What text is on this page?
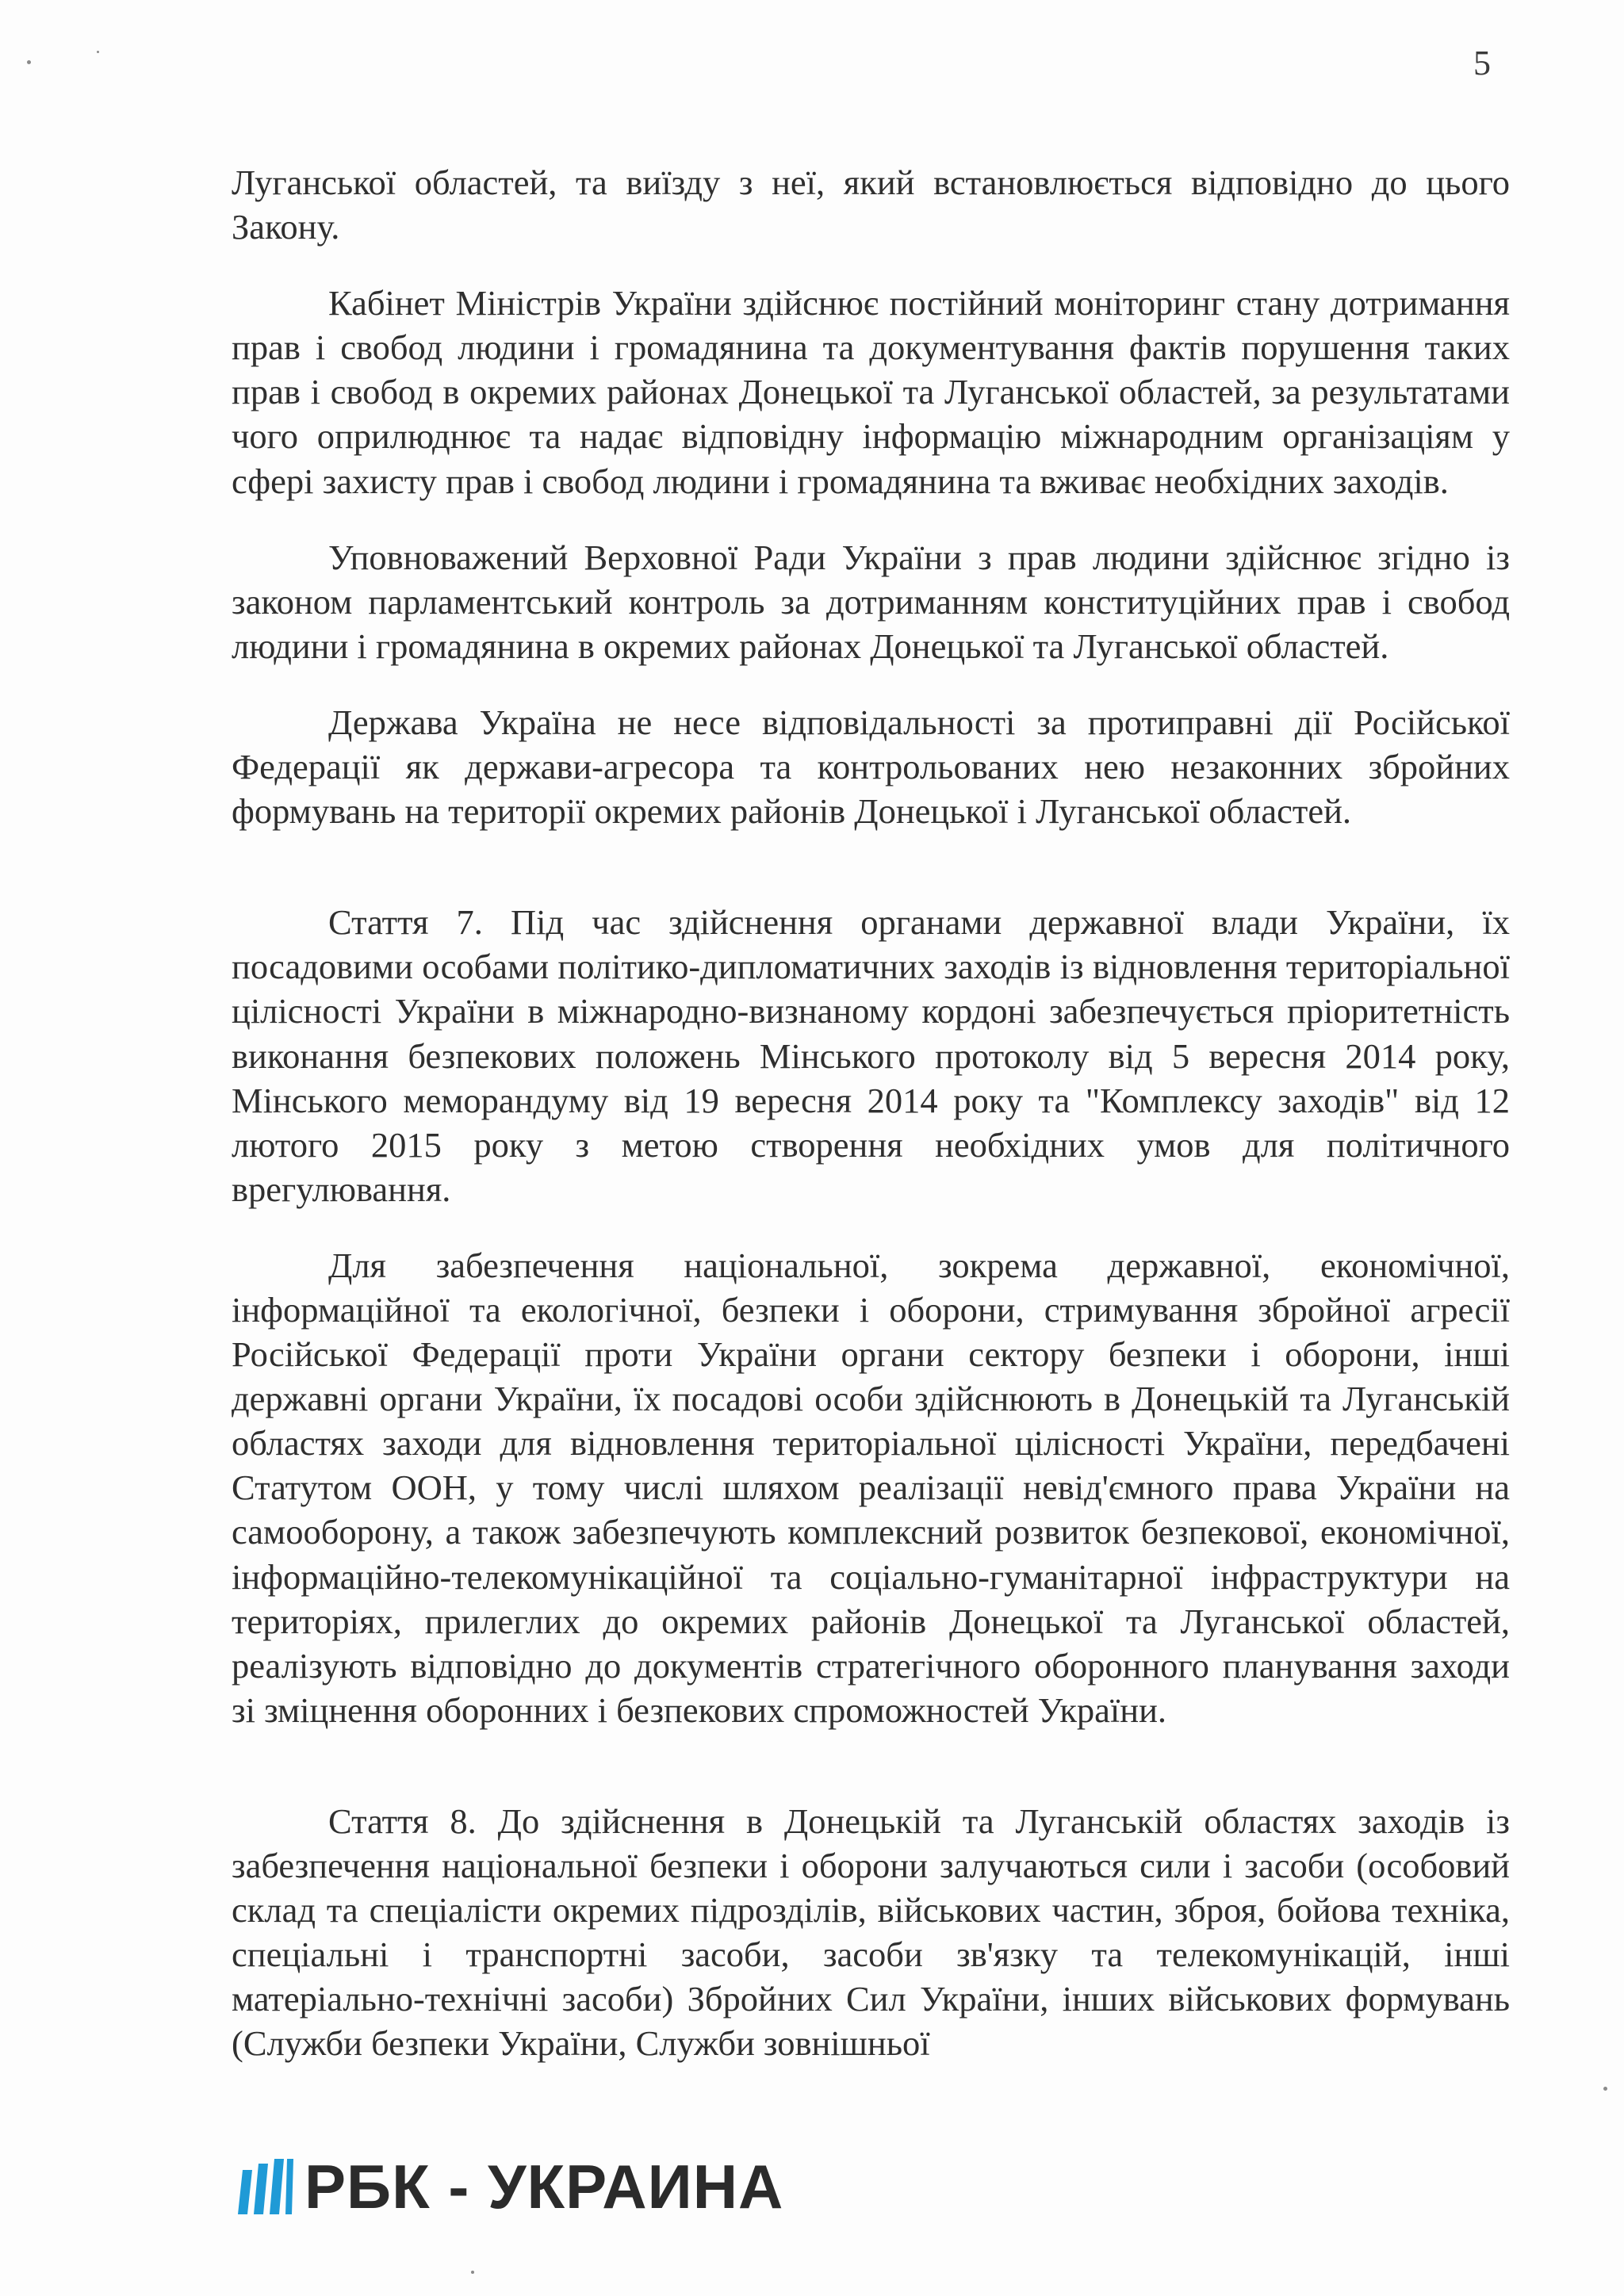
5

Луганської областей, та виїзду з неї, який встановлюється відповідно до цього Закону.

Кабінет Міністрів України здійснює постійний моніторинг стану дотримання прав і свобод людини і громадянина та документування фактів порушення таких прав і свобод в окремих районах Донецької та Луганської областей, за результатами чого оприлюднює та надає відповідну інформацію міжнародним організаціям у сфері захисту прав і свобод людини і громадянина та вживає необхідних заходів.

Уповноважений Верховної Ради України з прав людини здійснює згідно із законом парламентський контроль за дотриманням конституційних прав і свобод людини і громадянина в окремих районах Донецької та Луганської областей.

Держава Україна не несе відповідальності за протиправні дії Російської Федерації як держави-агресора та контрольованих нею незаконних збройних формувань на території окремих районів Донецької і Луганської областей.

Стаття 7. Під час здійснення органами державної влади України, їх посадовими особами політико-дипломатичних заходів із відновлення територіальної цілісності України в міжнародно-визнаному кордоні забезпечується пріоритетність виконання безпекових положень Мінського протоколу від 5 вересня 2014 року, Мінського меморандуму від 19 вересня 2014 року та "Комплексу заходів" від 12 лютого 2015 року з метою створення необхідних умов для політичного врегулювання.

Для забезпечення національної, зокрема державної, економічної, інформаційної та екологічної, безпеки і оборони, стримування збройної агресії Російської Федерації проти України органи сектору безпеки і оборони, інші державні органи України, їх посадові особи здійснюють в Донецькій та Луганській областях заходи для відновлення територіальної цілісності України, передбачені Статутом ООН, у тому числі шляхом реалізації невід'ємного права України на самооборону, а також забезпечують комплексний розвиток безпекової, економічної, інформаційно-телекомунікаційної та соціально-гуманітарної інфраструктури на територіях, прилеглих до окремих районів Донецької та Луганської областей, реалізують відповідно до документів стратегічного оборонного планування заходи зі зміцнення оборонних і безпекових спроможностей України.

Стаття 8. До здійснення в Донецькій та Луганській областях заходів із забезпечення національної безпеки і оборони залучаються сили і засоби (особовий склад та спеціалісти окремих підрозділів, військових частин, зброя, бойова техніка, спеціальні і транспортні засоби, засоби зв'язку та телекомунікацій, інші матеріально-технічні засоби) Збройних Сил України, інших військових формувань (Служби безпеки України, Служби зовнішньої

РБК - УКРАИНА
